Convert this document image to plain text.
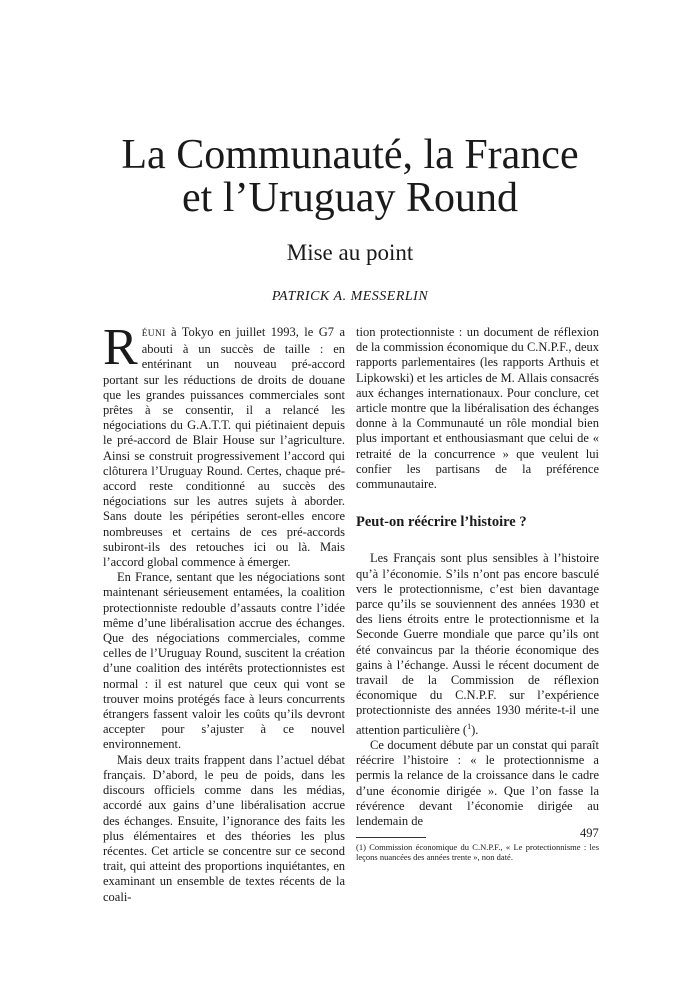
La Communauté, la France
et l’Uruguay Round
Mise au point
PATRICK A. MESSERLIN

RÉUNI à Tokyo en juillet 1993, le G7 a abouti à un succès de taille : en entérinant un nouveau pré-accord portant sur les réductions de droits de douane que les grandes puissances commerciales sont prêtes à se consentir, il a relancé les négociations du G.A.T.T. qui piétinaient depuis le pré-accord de Blair House sur l’agriculture. Ainsi se construit progressivement l’accord qui clôturera l’Uruguay Round. Certes, chaque pré-accord reste conditionné au succès des négociations sur les autres sujets à aborder. Sans doute les péripéties seront-elles encore nombreuses et certains de ces pré-accords subiront-ils des retouches ici ou là. Mais l’accord global commence à émerger.

En France, sentant que les négociations sont maintenant sérieusement entamées, la coalition protectionniste redouble d’assauts contre l’idée même d’une libéralisation accrue des échanges. Que des négociations commerciales, comme celles de l’Uruguay Round, suscitent la création d’une coalition des intérêts protectionnistes est normal : il est naturel que ceux qui vont se trouver moins protégés face à leurs concurrents étrangers fassent valoir les coûts qu’ils devront accepter pour s’ajuster à ce nouvel environnement.

Mais deux traits frappent dans l’actuel débat français. D’abord, le peu de poids, dans les discours officiels comme dans les médias, accordé aux gains d’une libéralisation accrue des échanges. Ensuite, l’ignorance des faits les plus élémentaires et des théories les plus récentes. Cet article se concentre sur ce second trait, qui atteint des proportions inquiétantes, en examinant un ensemble de textes récents de la coali-

tion protectionniste : un document de réflexion de la commission économique du C.N.P.F., deux rapports parlementaires (les rapports Arthuis et Lipkowski) et les articles de M. Allais consacrés aux échanges internationaux. Pour conclure, cet article montre que la libéralisation des échanges donne à la Communauté un rôle mondial bien plus important et enthousiasmant que celui de « retraité de la concurrence » que veulent lui confier les partisans de la préférence communautaire.

Peut-on réécrire l’histoire ?

Les Français sont plus sensibles à l’histoire qu’à l’économie. S’ils n’ont pas encore basculé vers le protectionnisme, c’est bien davantage parce qu’ils se souviennent des années 1930 et des liens étroits entre le protectionnisme et la Seconde Guerre mondiale que parce qu’ils ont été convaincus par la théorie économique des gains à l’échange. Aussi le récent document de travail de la Commission de réflexion économique du C.N.P.F. sur l’expérience protectionniste des années 1930 mérite-t-il une attention particulière ($^1$).

Ce document débute par un constat qui paraît réécrire l’histoire : « le protectionnisme a permis la relance de la croissance dans le cadre d’une économie dirigée ». Que l’on fasse la révérence devant l’économie dirigée au lendemain de

(1) Commission économique du C.N.P.F., « Le protectionnisme : les leçons nuancées des années trente », non daté.

497
